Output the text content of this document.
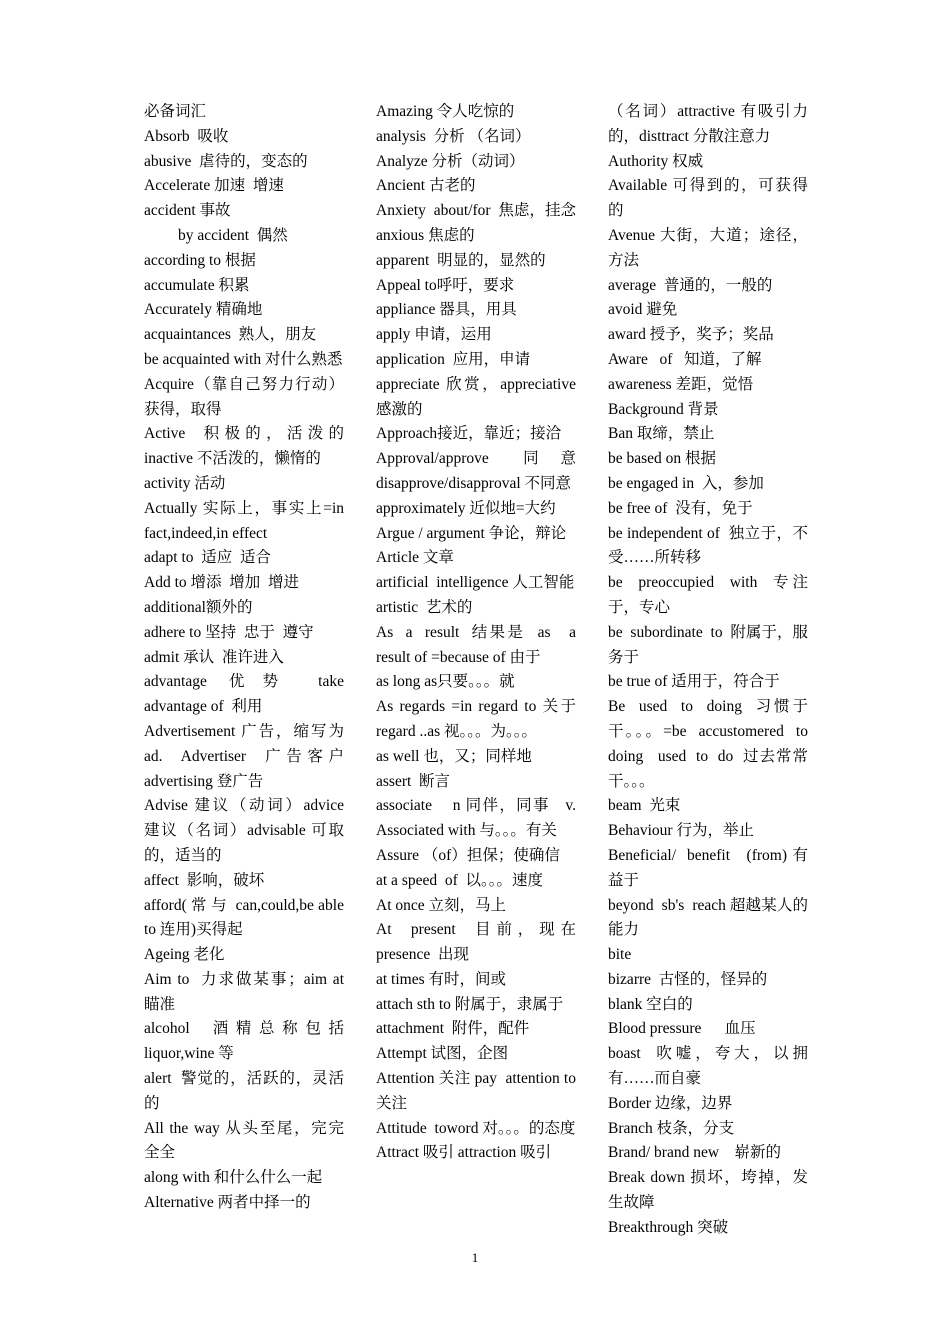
必备词汇
Absorb  吸收
abusive  虐待的，变态的
Accelerate 加速  增速
accident 事故
by accident  偶然
according to 根据
accumulate 积累
Accurately 精确地
acquaintances  熟人，朋友
be acquainted with 对什么熟悉
Acquire（靠自己努力行动）获得，取得
Active  积极的，活泼的 inactive 不活泼的，懒惰的
activity 活动
Actually 实际上，事实上=in fact,indeed,in effect
adapt to  适应  适合
Add to 增添  增加  增进
additional额外的
adhere to 坚持  忠于  遵守
admit 承认  准许进入
advantage   优  势     take advantage of  利用
Advertisement 广告，缩写为 ad.  Advertiser  广告客户 advertising 登广告
Advise 建议（动词）advice 建议（名词）advisable 可取的，适当的
affect  影响，破坏
afford( 常 与  can,could,be able to 连用)买得起
Ageing 老化
Aim to  力求做某事；aim at 瞄准
alcohol  酒精总称包括 liquor,wine 等
alert  警觉的，活跃的，灵活的
All the way 从头至尾，完完全全
along with 和什么什么一起
Alternative 两者中择一的
Amazing 令人吃惊的
analysis  分析 （名词）
Analyze 分析（动词）
Ancient 古老的
Anxiety  about/for  焦虑，挂念  anxious 焦虑的
apparent  明显的，显然的
Appeal to呼吁，要求
appliance 器具，用具
apply 申请，运用
application  应用，申请
appreciate 欣赏，appreciative 感激的
Approach接近，靠近；接洽
Approval/approve    同  意 disapprove/disapproval 不同意
approximately 近似地=大约
Argue / argument 争论，辩论
Article 文章
artificial  intelligence 人工智能
artistic  艺术的
As  a  result  结果是  as   a result of =because of 由于
as long as只要。。。就
As regards =in regard to 关于 regard ..as 视。。。为。。。
as well 也，又；同样地
assert  断言
associate    n 同伴，同事   v. Associated with 与。。。有关
Assure （of）担保；使确信
at a speed  of  以。。。速度
At once 立刻，马上
At  present  目前，现在 presence  出现
at times 有时，间或
attach sth to 附属于，隶属于
attachment  附件，配件
Attempt 试图，企图
Attention 关注 pay  attention to 关注
Attitude  toword 对。。。的态度
Attract 吸引 attraction 吸引
（名词）attractive 有吸引力的，disttract 分散注意力
Authority 权威
Available 可得到的，可获得的
Avenue 大街，大道；途径，方法
average  普通的，一般的
avoid 避免
award 授予，奖予；奖品
Aware   of   知道，了解
awareness 差距，觉悟
Background 背景
Ban 取缔，禁止
be based on 根据
be engaged in  入，参加
be free of  没有，免于
be independent of  独立于，不受……所转移
be  preoccupied  with  专注于，专心
be  subordinate  to  附属于，服务于
be true of 适用于，符合于
Be  used  to  doing  习惯于干。。。=be  accustomered  to doing   used  to  do  过去常常干。。。
beam  光束
Behaviour 行为，举止
Beneficial/  benefit   (from) 有益于
beyond  sb's  reach 超越某人的能力
bite
bizarre  古怪的，怪异的
blank 空白的
Blood pressure      血压
boast  吹嘘，夸大，以拥有……而自豪
Border 边缘，边界
Branch 枝条，分支
Brand/ brand new    崭新的
Break down 损坏，垮掉，发生故障
Breakthrough 突破
1
